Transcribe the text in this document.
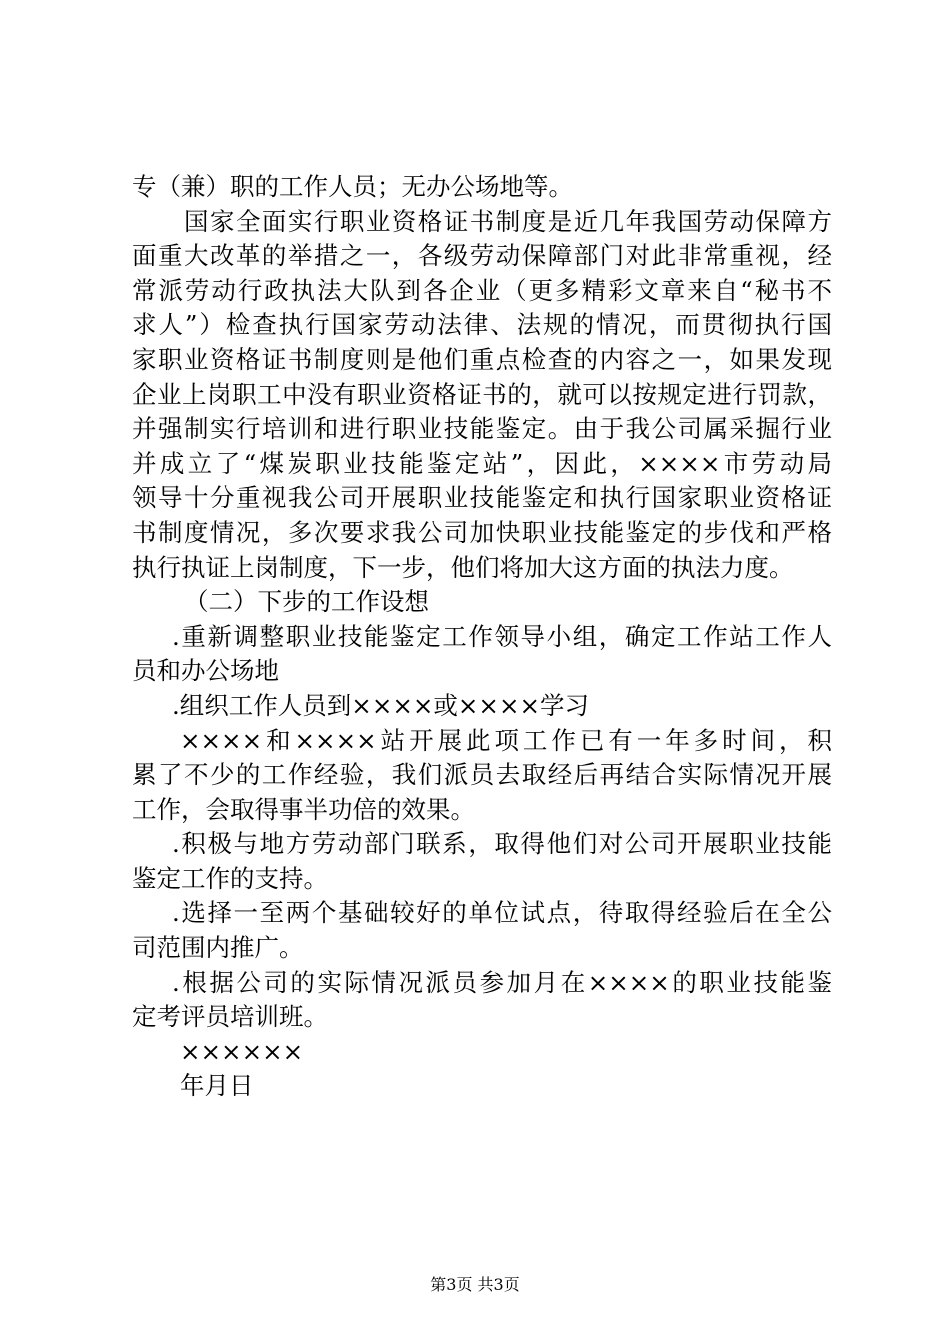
专（兼）职的工作人员；无办公场地等。
国家全面实行职业资格证书制度是近几年我国劳动保障方
面重大改革的举措之一，各级劳动保障部门对此非常重视，经
常派劳动行政执法大队到各企业（更多精彩文章来自“秘书不
求人”）检查执行国家劳动法律、法规的情况，而贯彻执行国
家职业资格证书制度则是他们重点检查的内容之一，如果发现
企业上岗职工中没有职业资格证书的，就可以按规定进行罚款，
并强制实行培训和进行职业技能鉴定。由于我公司属采掘行业
并成立了“煤炭职业技能鉴定站”，因此，××××市劳动局
领导十分重视我公司开展职业技能鉴定和执行国家职业资格证
书制度情况，多次要求我公司加快职业技能鉴定的步伐和严格
执行执证上岗制度，下一步，他们将加大这方面的执法力度。
（二）下步的工作设想
.重新调整职业技能鉴定工作领导小组，确定工作站工作人
员和办公场地
.组织工作人员到××××或××××学习
××××和××××站开展此项工作已有一年多时间，积
累了不少的工作经验，我们派员去取经后再结合实际情况开展
工作，会取得事半功倍的效果。
.积极与地方劳动部门联系，取得他们对公司开展职业技能
鉴定工作的支持。
.选择一至两个基础较好的单位试点，待取得经验后在全公
司范围内推广。
.根据公司的实际情况派员参加月在××××的职业技能鉴
定考评员培训班。
××××××
年月日
第3页 共3页
